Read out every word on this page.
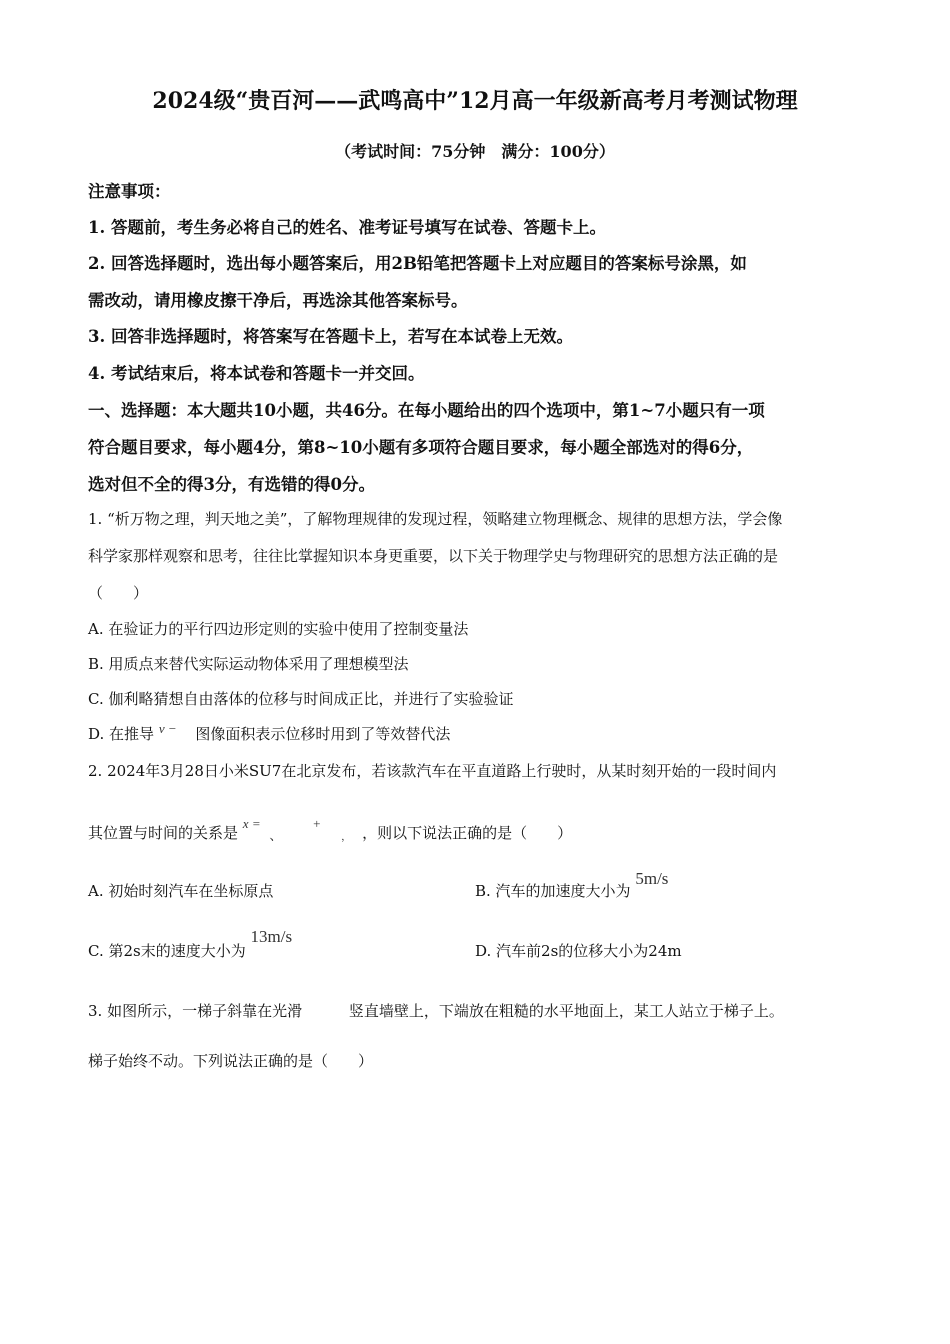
2024级“贵百河——武鸣高中”12月高一年级新高考月考测试物理
（考试时间：75分钟　满分：100分）
注意事项：
1. 答题前，考生务必将自己的姓名、准考证号填写在试卷、答题卡上。
2. 回答选择题时，选出每小题答案后，用2B铅笔把答题卡上对应题目的答案标号涂黑，如
需改动，请用橡皮擦干净后，再选涂其他答案标号。
3. 回答非选择题时，将答案写在答题卡上，若写在本试卷上无效。
4. 考试结束后，将本试卷和答题卡一并交回。
一、选择题：本大题共10小题，共46分。在每小题给出的四个选项中，第1~7小题只有一项
符合题目要求，每小题4分，第8~10小题有多项符合题目要求，每小题全部选对的得6分，
选对但不全的得3分，有选错的得0分。
1. “析万物之理，判天地之美”，了解物理规律的发现过程，领略建立物理概念、规律的思想方法，学会像
科学家那样观察和思考，往往比掌握知识本身更重要，以下关于物理学史与物理研究的思想方法正确的是
（　　）
A. 在验证力的平行四边形定则的实验中使用了控制变量法
B. 用质点来替代实际运动物体采用了理想模型法
C. 伽利略猜想自由落体的位移与时间成正比，并进行了实验验证
D. 在推导 v − 图像面积表示位移时用到了等效替代法
2. 2024年3月28日小米SU7在北京发布，若该款汽车在平直道路上行驶时，从某时刻开始的一段时间内
其位置与时间的关系是 x = 、 + ， ，则以下说法正确的是（　　）
A. 初始时刻汽车在坐标原点	B. 汽车的加速度大小为 5m/s
C. 第2s末的速度大小为 13m/s
D. 汽车前2s的位移大小为24m
3. 如图所示，一梯子斜靠在光滑	竖直墙壁上，下端放在粗糙的水平地面上，某工人站立于梯子上。
梯子始终不动。下列说法正确的是（　　）
